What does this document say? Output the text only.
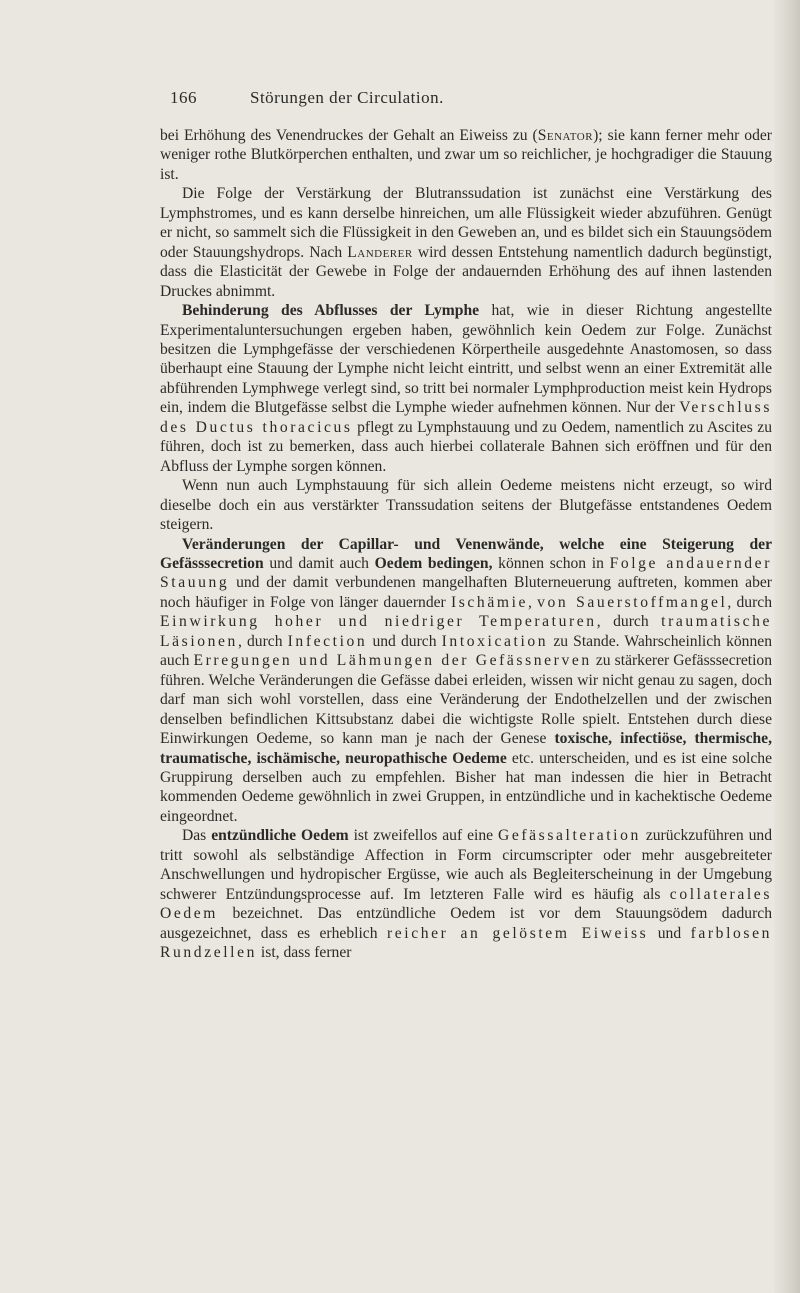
166	Störungen der Circulation.

bei Erhöhung des Venendruckes der Gehalt an Eiweiss zu (Senator); sie kann ferner mehr oder weniger rothe Blutkörperchen enthalten, und zwar um so reichlicher, je hochgradiger die Stauung ist.

Die Folge der Verstärkung der Blutranssudation ist zunächst eine Verstärkung des Lymphstromes, und es kann derselbe hinreichen, um alle Flüssigkeit wieder abzuführen. Genügt er nicht, so sammelt sich die Flüssigkeit in den Geweben an, und es bildet sich ein Stauungsödem oder Stauungshydrops. Nach Landerer wird dessen Entstehung namentlich dadurch begünstigt, dass die Elasticität der Gewebe in Folge der andauernden Erhöhung des auf ihnen lastenden Druckes abnimmt.

Behinderung des Abflusses der Lymphe hat, wie in dieser Richtung angestellte Experimentaluntersuchungen ergeben haben, gewöhnlich kein Oedem zur Folge. Zunächst besitzen die Lymphgefässe der verschiedenen Körpertheile ausgedehnte Anastomosen, so dass überhaupt eine Stauung der Lymphe nicht leicht eintritt, und selbst wenn an einer Extremität alle abführenden Lymphwege verlegt sind, so tritt bei normaler Lymphproduction meist kein Hydrops ein, indem die Blutgefässe selbst die Lymphe wieder aufnehmen können. Nur der Verschluss des Ductus thoracicus pflegt zu Lymphstauung und zu Oedem, namentlich zu Ascites zu führen, doch ist zu bemerken, dass auch hierbei collaterale Bahnen sich eröffnen und für den Abfluss der Lymphe sorgen können.

Wenn nun auch Lymphstauung für sich allein Oedeme meistens nicht erzeugt, so wird dieselbe doch ein aus verstärkter Transsudation seitens der Blutgefässe entstandenes Oedem steigern.

Veränderungen der Capillar- und Venenwände, welche eine Steigerung der Gefässsecretion und damit auch Oedem bedingen, können schon in Folge andauernder Stauung und der damit verbundenen mangelhaften Bluterneuerung auftreten, kommen aber noch häufiger in Folge von länger dauernder Ischämie, von Sauerstoffmangel, durch Einwirkung hoher und niedriger Temperaturen, durch traumatische Läsionen, durch Infection und durch Intoxication zu Stande. Wahrscheinlich können auch Erregungen und Lähmungen der Gefässnerven zu stärkerer Gefässsecretion führen. Welche Veränderungen die Gefässe dabei erleiden, wissen wir nicht genau zu sagen, doch darf man sich wohl vorstellen, dass eine Veränderung der Endothelzellen und der zwischen denselben befindlichen Kittsubstanz dabei die wichtigste Rolle spielt. Entstehen durch diese Einwirkungen Oedeme, so kann man je nach der Genese toxische, infectiöse, thermische, traumatische, ischämische, neuropathische Oedeme etc. unterscheiden, und es ist eine solche Gruppirung derselben auch zu empfehlen. Bisher hat man indessen die hier in Betracht kommenden Oedeme gewöhnlich in zwei Gruppen, in entzündliche und in kachektische Oedeme eingeordnet.

Das entzündliche Oedem ist zweifellos auf eine Gefässalteration zurückzuführen und tritt sowohl als selbständige Affection in Form circumscripter oder mehr ausgebreiteter Anschwellungen und hydropischer Ergüsse, wie auch als Begleiterscheinung in der Umgebung schwerer Entzündungsprocesse auf. Im letzteren Falle wird es häufig als collaterales Oedem bezeichnet. Das entzündliche Oedem ist vor dem Stauungsödem dadurch ausgezeichnet, dass es erheblich reicher an gelöstem Eiweiss und farblosen Rundzellen ist, dass ferner
